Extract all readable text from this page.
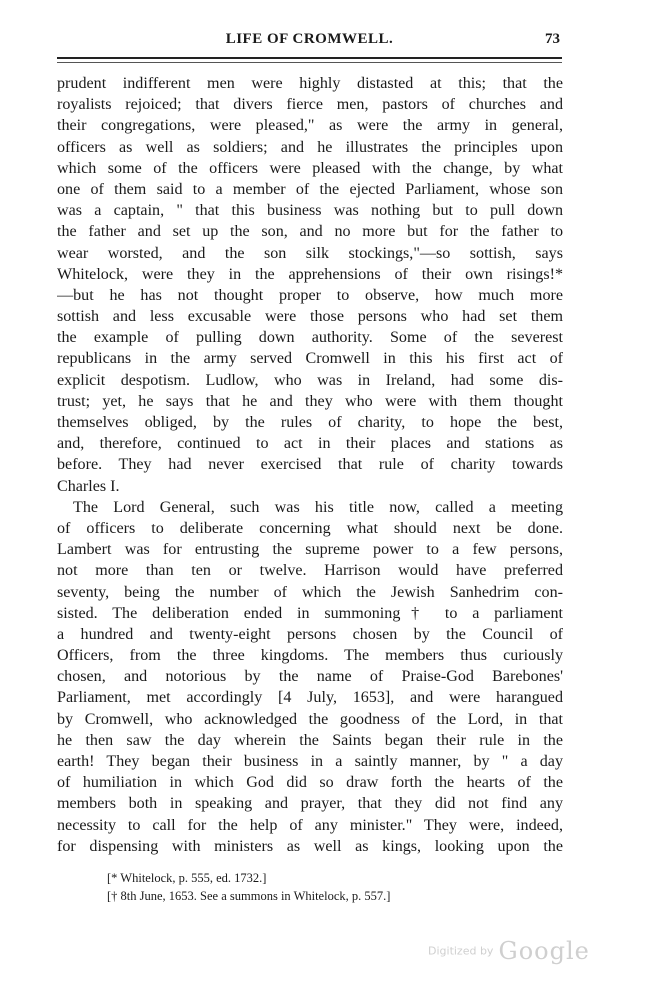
LIFE OF CROMWELL.	73
prudent indifferent men were highly distasted at this; that the
royalists rejoiced; that divers fierce men, pastors of churches and
their congregations, were pleased," as were the army in general,
officers as well as soldiers; and he illustrates the principles upon
which some of the officers were pleased with the change, by what
one of them said to a member of the ejected Parliament, whose son
was a captain, " that this business was nothing but to pull down
the father and set up the son, and no more but for the father to
wear worsted, and the son silk stockings,"—so sottish, says
Whitelock, were they in the apprehensions of their own risings!*
—but he has not thought proper to observe, how much more
sottish and less excusable were those persons who had set them
the example of pulling down authority. Some of the severest
republicans in the army served Cromwell in this his first act of
explicit despotism. Ludlow, who was in Ireland, had some dis-
trust; yet, he says that he and they who were with them thought
themselves obliged, by the rules of charity, to hope the best,
and, therefore, continued to act in their places and stations as
before. They had never exercised that rule of charity towards
Charles I.
The Lord General, such was his title now, called a meeting
of officers to deliberate concerning what should next be done.
Lambert was for entrusting the supreme power to a few persons,
not more than ten or twelve. Harrison would have preferred
seventy, being the number of which the Jewish Sanhedrim con-
sisted. The deliberation ended in summoning† to a parliament
a hundred and twenty-eight persons chosen by the Council of
Officers, from the three kingdoms. The members thus curiously
chosen, and notorious by the name of Praise-God Barebones'
Parliament, met accordingly [4 July, 1653], and were harangued
by Cromwell, who acknowledged the goodness of the Lord, in that
he then saw the day wherein the Saints began their rule in the
earth! They began their business in a saintly manner, by " a day
of humiliation in which God did so draw forth the hearts of the
members both in speaking and prayer, that they did not find any
necessity to call for the help of any minister." They were, indeed,
for dispensing with ministers as well as kings, looking upon the
[* Whitelock, p. 555, ed. 1732.]
[† 8th June, 1653. See a summons in Whitelock, p. 557.]
Digitized by Google
